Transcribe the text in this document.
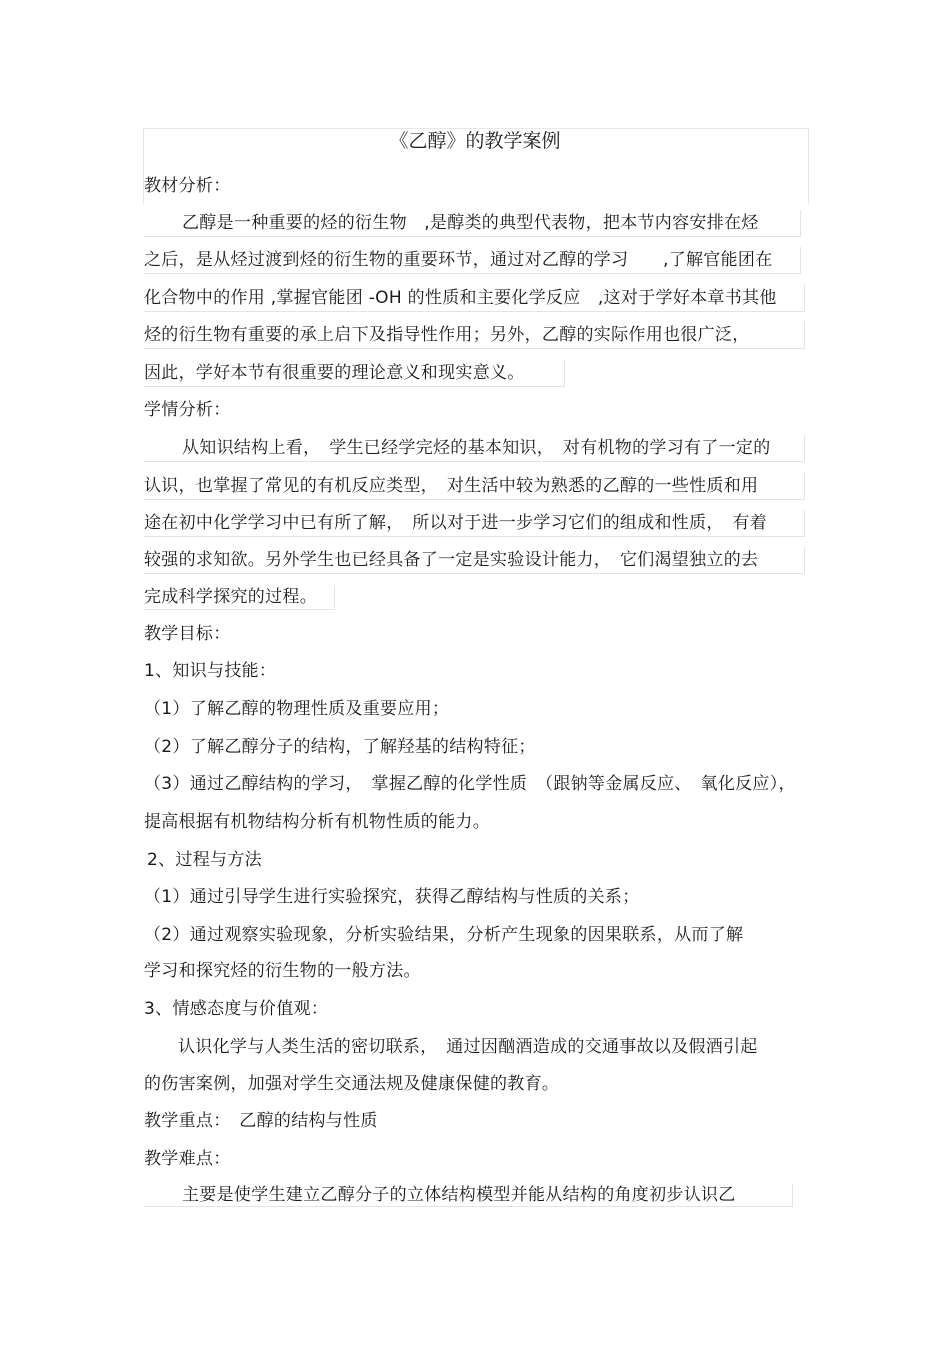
《乙醇》的教学案例
教材分析：
乙醇是一种重要的烃的衍生物　,是醇类的典型代表物，把本节内容安排在烃
之后，是从烃过渡到烃的衍生物的重要环节，通过对乙醇的学习　　,了解官能团在
化合物中的作用 ,掌握官能团 -OH 的性质和主要化学反应　,这对于学好本章书其他
烃的衍生物有重要的承上启下及指导性作用；另外，乙醇的实际作用也很广泛，
因此，学好本节有很重要的理论意义和现实意义。
学情分析：
从知识结构上看，　学生已经学完烃的基本知识，　对有机物的学习有了一定的
认识，也掌握了常见的有机反应类型，　对生活中较为熟悉的乙醇的一些性质和用
途在初中化学学习中已有所了解，　所以对于进一步学习它们的组成和性质，　有着
较强的求知欲。另外学生也已经具备了一定是实验设计能力，　它们渴望独立的去
完成科学探究的过程。
教学目标：
1、知识与技能：
（1）了解乙醇的物理性质及重要应用；
（2）了解乙醇分子的结构，了解羟基的结构特征；
（3）通过乙醇结构的学习，　掌握乙醇的化学性质　（跟钠等金属反应、　氧化反应），
提高根据有机物结构分析有机物性质的能力。
2、过程与方法
（1）通过引导学生进行实验探究，获得乙醇结构与性质的关系；
（2）通过观察实验现象，分析实验结果，分析产生现象的因果联系，从而了解
学习和探究烃的衍生物的一般方法。
3、情感态度与价值观：
认识化学与人类生活的密切联系，　通过因酗酒造成的交通事故以及假酒引起
的伤害案例，加强对学生交通法规及健康保健的教育。
教学重点：　乙醇的结构与性质
教学难点：
主要是使学生建立乙醇分子的立体结构模型并能从结构的角度初步认识乙
